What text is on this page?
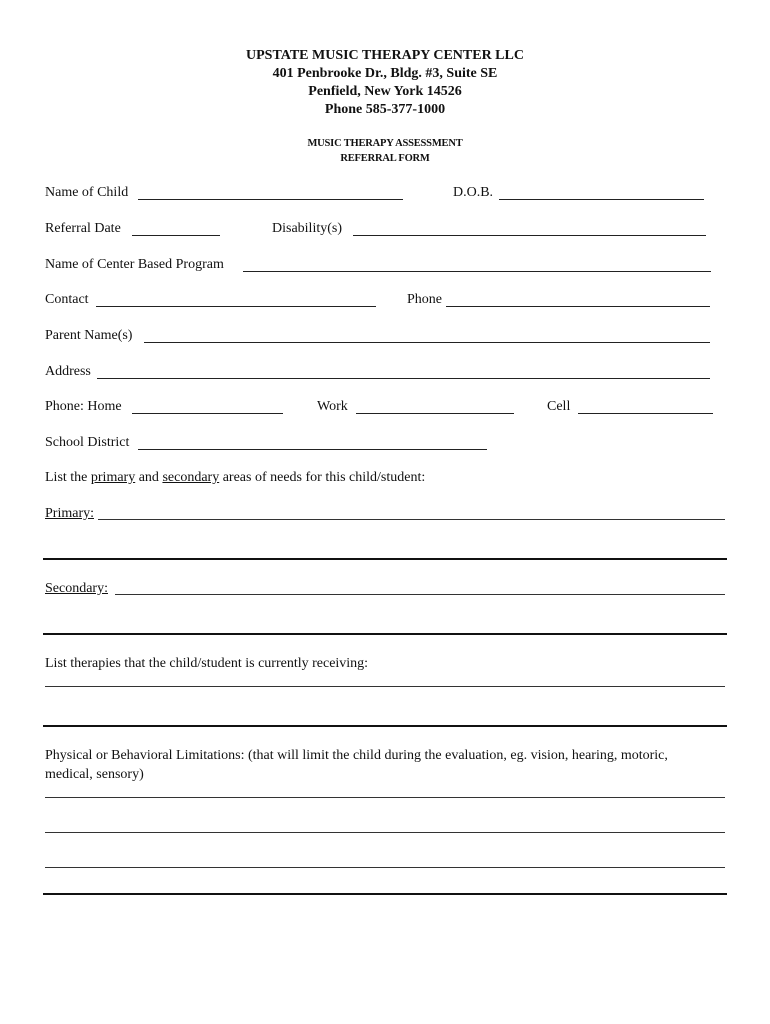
UPSTATE MUSIC THERAPY CENTER LLC
401 Penbrooke Dr., Bldg. #3, Suite SE
Penfield, New York 14526
Phone 585-377-1000
MUSIC THERAPY ASSESSMENT
REFERRAL FORM
Name of Child	D.O.B.
Referral Date	Disability(s)
Name of Center Based Program
Contact	Phone
Parent Name(s)
Address
Phone: Home	Work	Cell
School District
List the primary and secondary areas of needs for this child/student:
Primary:
Secondary:
List therapies that the child/student is currently receiving:
Physical or Behavioral Limitations: (that will limit the child during the evaluation, eg. vision, hearing, motoric,
medical, sensory)
